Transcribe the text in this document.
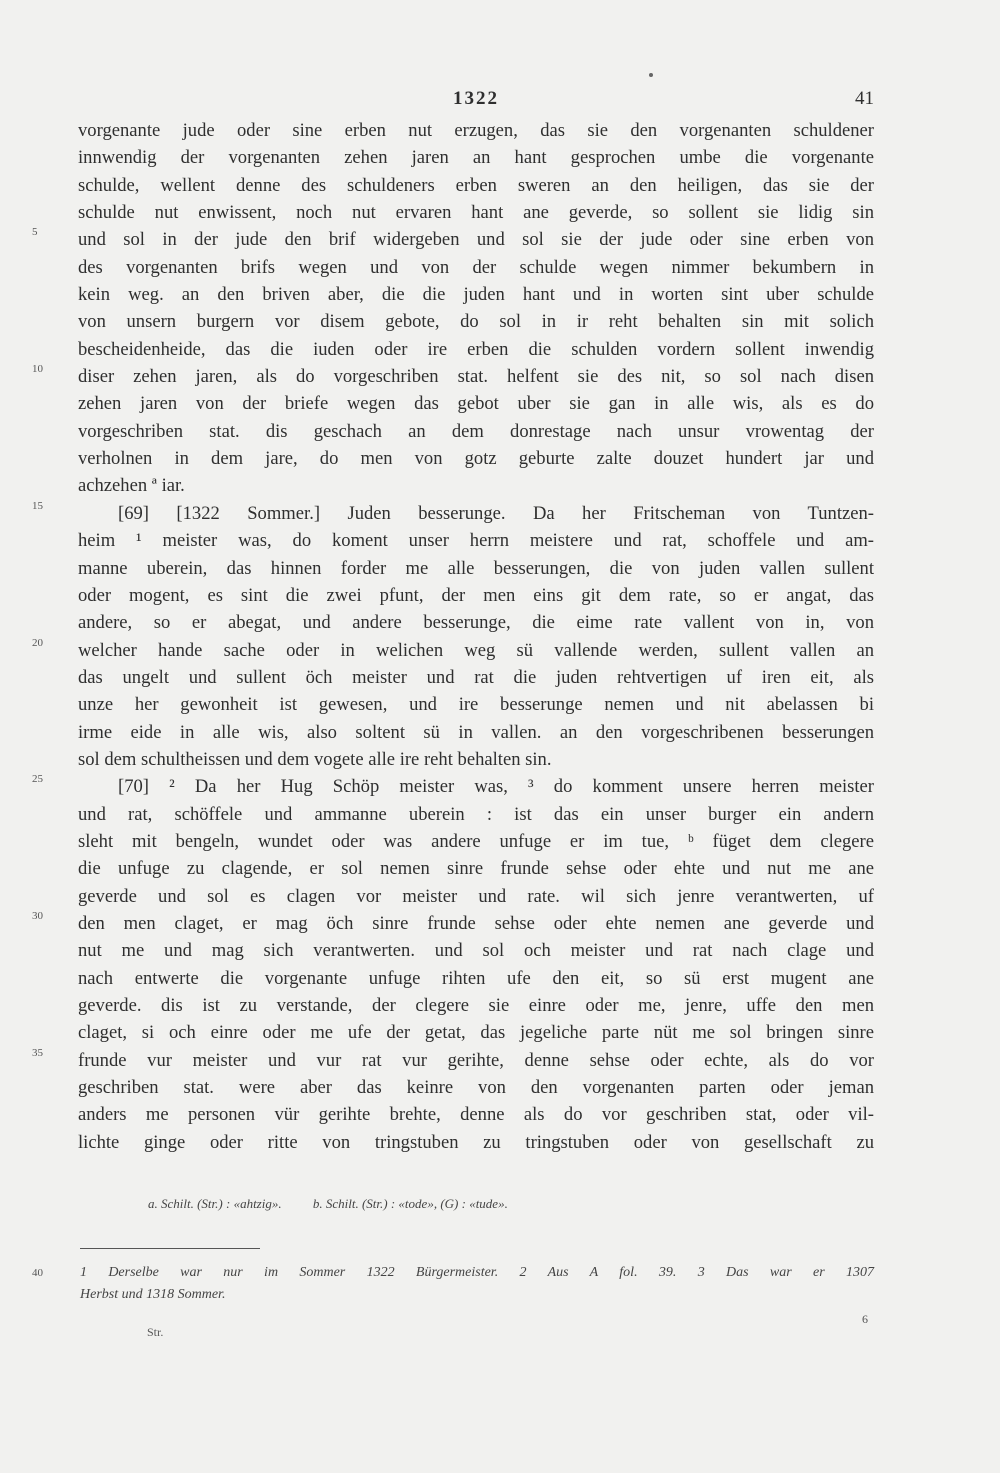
1322	41
vorgenante jude oder sine erben nut erzugen, das sie den vorgenanten schuldener
innwendig der vorgenanten zehen jaren an hant gesprochen umbe die vorgenante
schulde, wellent denne des schuldeners erben sweren an den heiligen, das sie der
schulde nut enwissent, noch nut ervaren hant ane geverde, so sollent sie lidig sin
5	und sol in der jude den brif widergeben und sol sie der jude oder sine erben von
des vorgenanten brifs wegen und von der schulde wegen nimmer bekumbern in
kein weg. an den briven aber, die die juden hant und in worten sint uber schulde
von unsern burgern vor disem gebote, do sol in ir reht behalten sin mit solich
bescheidenheide, das die iuden oder ire erben die schulden vordern sollent inwendig
10	diser zehen jaren, als do vorgeschriben stat. helfent sie des nit, so sol nach disen
zehen jaren von der briefe wegen das gebot uber sie gan in alle wis, als es do
vorgeschriben stat. dis geschach an dem donrestage nach unsur vrowentag der
verholnen in dem jare, do men von gotz geburte zalte douzet hundert jar und
achzehen ª iar.
15	[69] [1322 Sommer.] Juden besserunge. Da her Fritscheman von Tuntzen-
heim ¹ meister was, do koment unser herrn meistere und rat, schoffele und am-
manne uberein, das hinnen forder me alle besserungen, die von juden vallen sullent
oder mogent, es sint die zwei pfunt, der men eins git dem rate, so er angat, das
andere, so er abegat, und andere besserunge, die eime rate vallent von in, von
20	welcher hande sache oder in welichen weg sü vallende werden, sullent vallen an
das ungelt und sullent öch meister und rat die juden rehtvertigen uf iren eit, als
unze her gewonheit ist gewesen, und ire besserunge nemen und nit abelassen bi
irme eide in alle wis, also soltent sü in vallen. an den vorgeschribenen besserungen
sol dem schultheissen und dem vogete alle ire reht behalten sin.
25	[70] ² Da her Hug Schöp meister was, ³ do komment unsere herren meister
und rat, schöffele und ammanne uberein : ist das ein unser burger ein andern
sleht mit bengeln, wundet oder was andere unfuge er im tue, ᵇ füget dem clegere
die unfuge zu clagende, er sol nemen sinre frunde sehse oder ehte und nut me ane
geverde und sol es clagen vor meister und rate. wil sich jenre verantwerten, uf
30	den men claget, er mag öch sinre frunde sehse oder ehte nemen ane geverde und
nut me und mag sich verantwerten. und sol och meister und rat nach clage und
nach entwerte die vorgenante unfuge rihten ufe den eit, so sü erst mugent ane
geverde. dis ist zu verstande, der clegere sie einre oder me, jenre, uffe den men
claget, si och einre oder me ufe der getat, das jegeliche parte nüt me sol bringen sinre
35	frunde vur meister und vur rat vur gerihte, denne sehse oder echte, als do vor
geschriben stat. were aber das keinre von den vorgenanten parten oder jeman
anders me personen vür gerihte brehte, denne als do vor geschriben stat, oder vil-
lichte ginge oder ritte von tringstuben zu tringstuben oder von gesellschaft zu
a. Schilt. (Str.) : «ahtzig». b. Schilt. (Str.) : «tode», (G) : «tude».
40	1 Derselbe war nur im Sommer 1322 Bürgermeister. 2 Aus A fol. 39. 3 Das war er 1307
Herbst und 1318 Sommer.
Str.
6
